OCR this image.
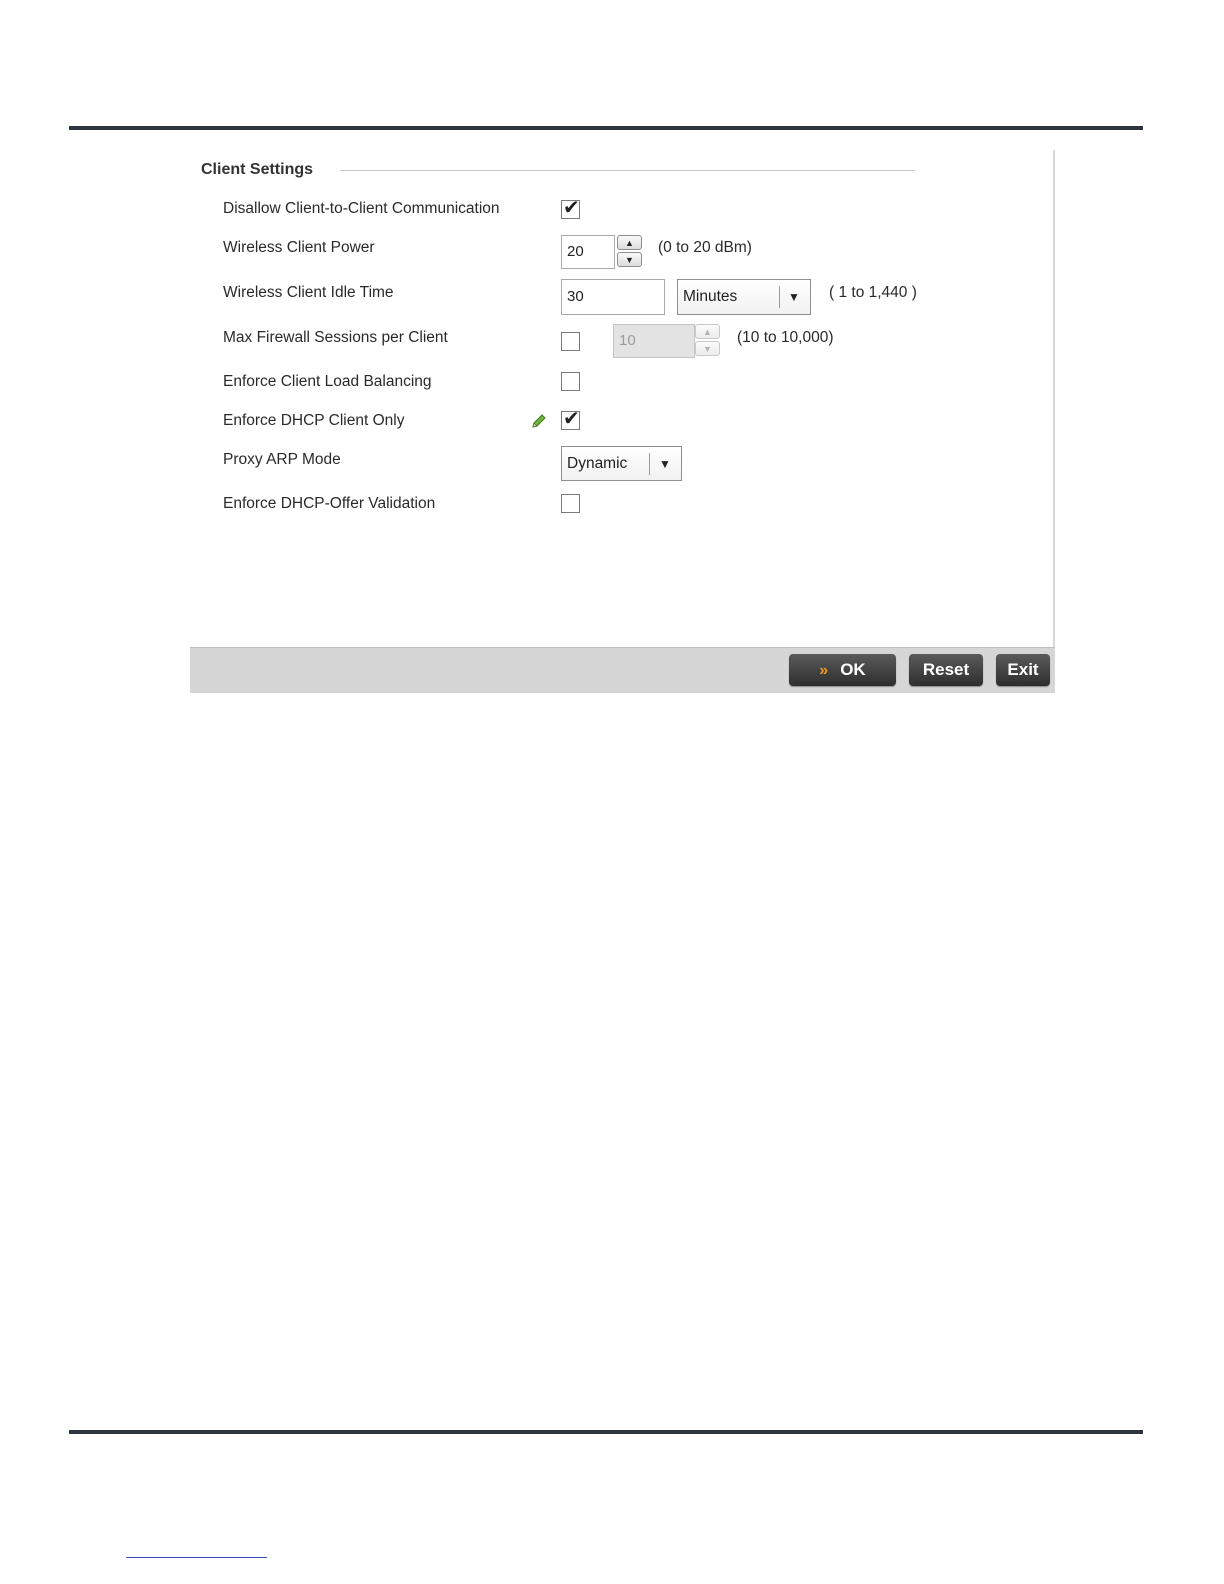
Client Settings
Disallow Client-to-Client Communication	✔
Wireless Client Power	20	▲
▼
(0 to 20 dBm)
Wireless Client Idle Time	30	Minutes	▼ ( 1 to 1,440 )
Max Firewall Sessions per Client	10	▲
▼
(10 to 10,000)
Enforce Client Load Balancing
Enforce DHCP Client Only	✔
Proxy ARP Mode	Dynamic	▼
Enforce DHCP-Offer Validation
» OK	Reset	Exit
